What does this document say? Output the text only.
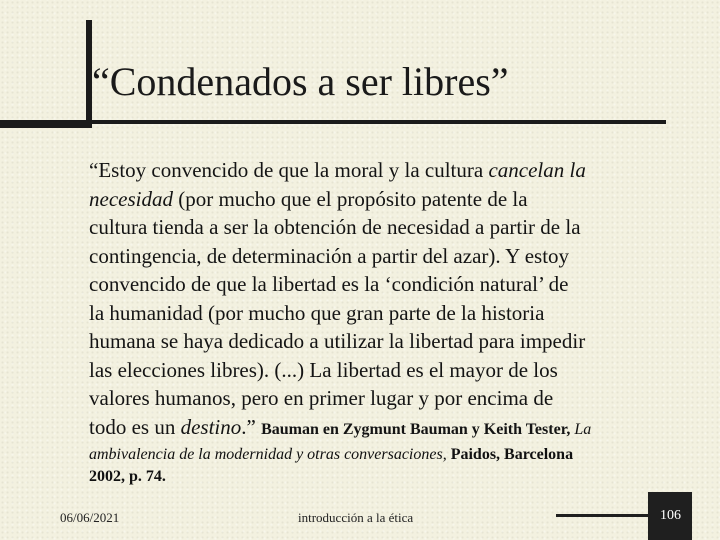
“Condenados a ser libres”
“Estoy convencido de que la moral y la cultura cancelan la
necesidad (por mucho que el propósito patente de la
cultura tienda a ser la obtención de necesidad a partir de la
contingencia, de determinación a partir del azar). Y estoy
convencido de que la libertad es la ‘condición natural’ de
la humanidad (por mucho que gran parte de la historia
humana se haya dedicado a utilizar la libertad para impedir
las elecciones libres). (...) La libertad es el mayor de los
valores humanos, pero en primer lugar y por encima de
todo es un destino.” Bauman en Zygmunt Bauman y Keith Tester, La
ambivalencia de la modernidad y otras conversaciones, Paidos, Barcelona
2002, p. 74.
06/06/2021	introducción a la ética	106
